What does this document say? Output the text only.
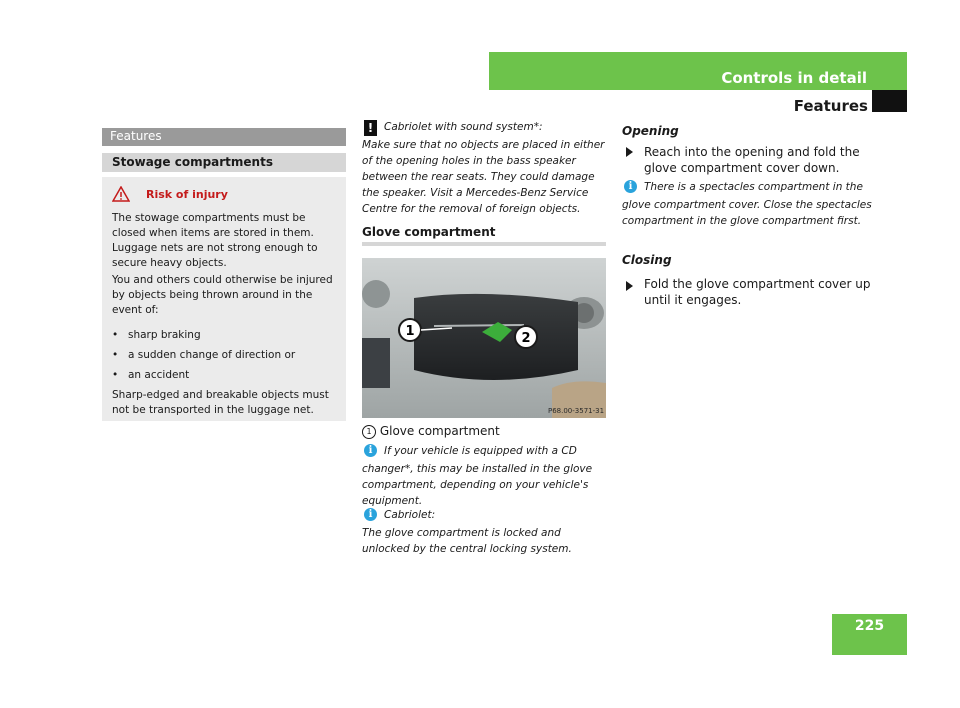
Controls in detail
Features
Features
Stowage compartments
Risk of injury
The stowage compartments must be closed when items are stored in them. Luggage nets are not strong enough to secure heavy objects.
You and others could otherwise be injured by objects being thrown around in the event of:
• sharp braking
• a sudden change of direction or
• an accident
Sharp-edged and breakable objects must not be transported in the luggage net.
!	Cabriolet with sound system*:
Make sure that no objects are placed in either of the opening holes in the bass speaker between the rear seats. They could damage the speaker. Visit a Mercedes-Benz Service Centre for the removal of foreign objects.
Glove compartment
1	2
P68.00-3571-31
1 Glove compartment
i	If your vehicle is equipped with a CD
changer*, this may be installed in the glove compartment, depending on your vehicle's equipment.
i	Cabriolet:
The glove compartment is locked and unlocked by the central locking system.
Opening
Reach into the opening and fold the glove compartment cover down.
i	There is a spectacles compartment in the
glove compartment cover. Close the spectacles compartment in the glove compartment first.
Closing
Fold the glove compartment cover up until it engages.
225
